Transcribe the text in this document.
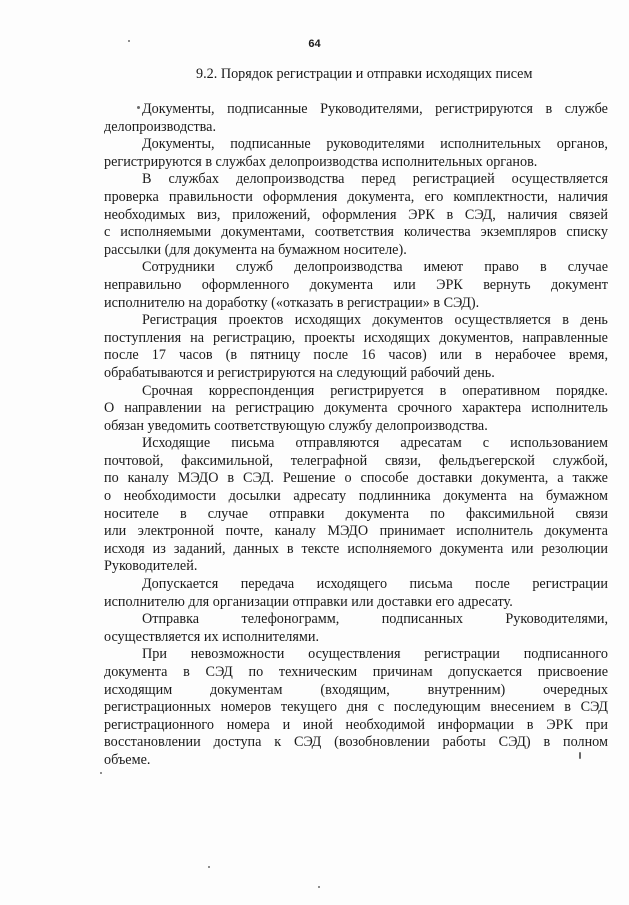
64
9.2. Порядок регистрации и отправки исходящих писем
Документы, подписанные Руководителями, регистрируются в службе
делопроизводства.
Документы, подписанные руководителями исполнительных органов,
регистрируются в службах делопроизводства исполнительных органов.
В службах делопроизводства перед регистрацией осуществляется
проверка правильности оформления документа, его комплектности, наличия
необходимых виз, приложений, оформления ЭРК в СЭД, наличия связей
с исполняемыми документами, соответствия количества экземпляров списку
рассылки (для документа на бумажном носителе).
Сотрудники служб делопроизводства имеют право в случае
неправильно оформленного документа или ЭРК вернуть документ
исполнителю на доработку («отказать в регистрации» в СЭД).
Регистрация проектов исходящих документов осуществляется в день
поступления на регистрацию, проекты исходящих документов, направленные
после 17 часов (в пятницу после 16 часов) или в нерабочее время,
обрабатываются и регистрируются на следующий рабочий день.
Срочная корреспонденция регистрируется в оперативном порядке.
О направлении на регистрацию документа срочного характера исполнитель
обязан уведомить соответствующую службу делопроизводства.
Исходящие письма отправляются адресатам с использованием
почтовой, факсимильной, телеграфной связи, фельдъегерской службой,
по каналу МЭДО в СЭД. Решение о способе доставки документа, а также
о необходимости досылки адресату подлинника документа на бумажном
носителе в случае отправки документа по факсимильной связи
или электронной почте, каналу МЭДО принимает исполнитель документа
исходя из заданий, данных в тексте исполняемого документа или резолюции
Руководителей.
Допускается передача исходящего письма после регистрации
исполнителю для организации отправки или доставки его адресату.
Отправка	телефонограмм,	подписанных	Руководителями,
осуществляется их исполнителями.
При невозможности осуществления регистрации подписанного
документа в СЭД по техническим причинам допускается присвоение
исходящим	документам	(входящим,	внутренним)	очередных
регистрационных номеров текущего дня с последующим внесением в СЭД
регистрационного номера и иной необходимой информации в ЭРК при
восстановлении доступа к СЭД (возобновлении работы СЭД) в полном
объеме.
